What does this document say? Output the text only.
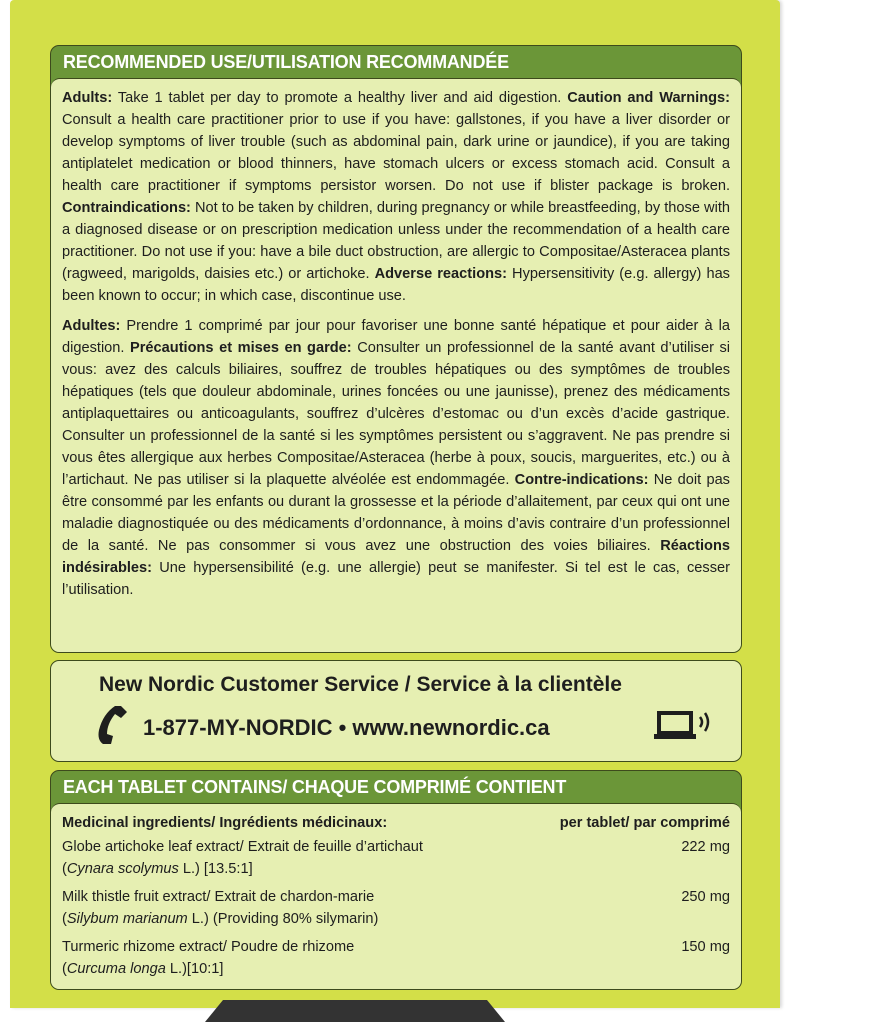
RECOMMENDED USE/UTILISATION RECOMMANDÉE

Adults: Take 1 tablet per day to promote a healthy liver and aid digestion. Caution and Warnings: Consult a health care practitioner prior to use if you have: gallstones, if you have a liver disorder or develop symptoms of liver trouble (such as abdominal pain, dark urine or jaundice), if you are taking antiplatelet medication or blood thinners, have stomach ulcers or excess stomach acid. Consult a health care practitioner if symptoms persistor worsen. Do not use if blister package is broken. Contraindications: Not to be taken by children, during pregnancy or while breastfeeding, by those with a diagnosed disease or on prescription medication unless under the recommendation of a health care practitioner. Do not use if you: have a bile duct obstruction, are allergic to Compositae/Asteracea plants (ragweed, marigolds, daisies etc.) or artichoke. Adverse reactions: Hypersensitivity (e.g. allergy) has been known to occur; in which case, discontinue use.

Adultes: Prendre 1 comprimé par jour pour favoriser une bonne santé hépatique et pour aider à la digestion. Précautions et mises en garde: Consulter un professionnel de la santé avant d’utiliser si vous: avez des calculs biliaires, souffrez de troubles hépatiques ou des symptômes de troubles hépatiques (tels que douleur abdominale, urines foncées ou une jaunisse), prenez des médicaments antiplaquettaires ou anticoagulants, souffrez d’ulcères d’estomac ou d’un excès d’acide gastrique. Consulter un professionnel de la santé si les symptômes persistent ou s’aggravent. Ne pas prendre si vous êtes allergique aux herbes Compositae/Asteracea (herbe à poux, soucis, marguerites, etc.) ou à l’artichaut. Ne pas utiliser si la plaquette alvéolée est endommagée. Contre-indications: Ne doit pas être consommé par les enfants ou durant la grossesse et la période d’allaitement, par ceux qui ont une maladie diagnostiquée ou des médicaments d’ordonnance, à moins d’avis contraire d’un professionnel de la santé. Ne pas consommer si vous avez une obstruction des voies biliaires. Réactions indésirables: Une hypersensibilité (e.g. une allergie) peut se manifester. Si tel est le cas, cesser l’utilisation.

New Nordic Customer Service / Service à la clientèle
1-877-MY-NORDIC • www.newnordic.ca
EACH TABLET CONTAINS/ CHAQUE COMPRIMÉ CONTIENT
Medicinal ingredients/ Ingrédients médicinaux:	per tablet/ par comprimé
Globe artichoke leaf extract/ Extrait de feuille d’artichaut
(Cynara scolymus L.) [13.5:1]
222 mg
Milk thistle fruit extract/ Extrait de chardon-marie
(Silybum marianum L.) (Providing 80% silymarin)
250 mg
Turmeric rhizome extract/ Poudre de rhizome
(Curcuma longa L.)[10:1]
150 mg
